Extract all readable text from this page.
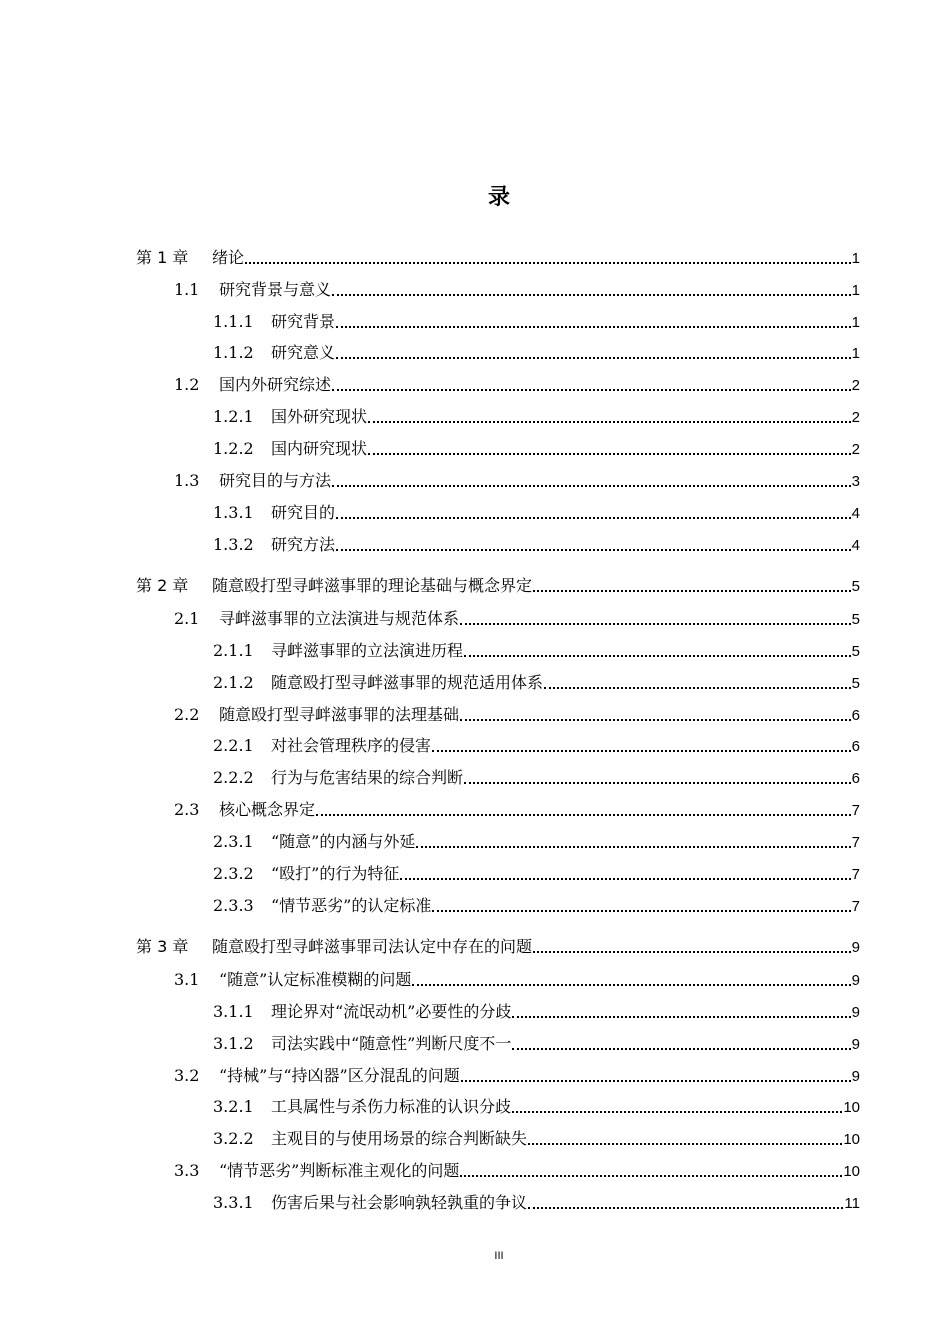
录
第 1 章	绪论	1
1.1	研究背景与意义	1
1.1.1	研究背景	1
1.1.2	研究意义	1
1.2	国内外研究综述	2
1.2.1	国外研究现状	2
1.2.2	国内研究现状	2
1.3	研究目的与方法	3
1.3.1	研究目的	4
1.3.2	研究方法	4
第 2 章	随意殴打型寻衅滋事罪的理论基础与概念界定	5
2.1	寻衅滋事罪的立法演进与规范体系	5
2.1.1	寻衅滋事罪的立法演进历程	5
2.1.2	随意殴打型寻衅滋事罪的规范适用体系	5
2.2	随意殴打型寻衅滋事罪的法理基础	6
2.2.1	对社会管理秩序的侵害	6
2.2.2	行为与危害结果的综合判断	6
2.3	核心概念界定	7
2.3.1	“随意”的内涵与外延	7
2.3.2	“殴打”的行为特征	7
2.3.3	“情节恶劣”的认定标准	7
第 3 章	随意殴打型寻衅滋事罪司法认定中存在的问题	9
3.1	“随意”认定标准模糊的问题	9
3.1.1	理论界对“流氓动机”必要性的分歧	9
3.1.2	司法实践中“随意性”判断尺度不一	9
3.2	“持械”与“持凶器”区分混乱的问题	9
3.2.1	工具属性与杀伤力标准的认识分歧	10
3.2.2	主观目的与使用场景的综合判断缺失	10
3.3	“情节恶劣”判断标准主观化的问题	10
3.3.1	伤害后果与社会影响孰轻孰重的争议	11
III
